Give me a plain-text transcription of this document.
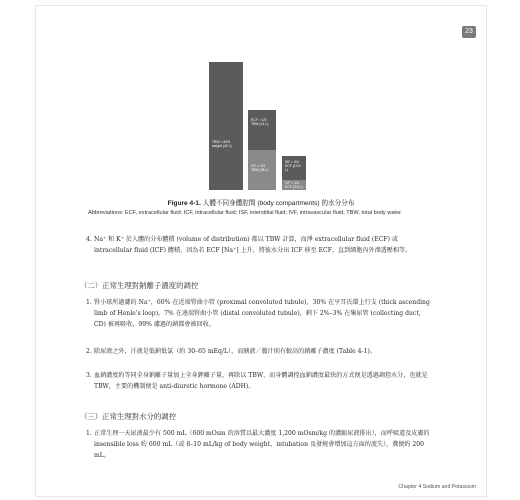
23
TBW = 60% weight (42 L)
ECF = 1/3 TBW (14 L)
ICF = 2/3 TBW (28 L)
ISF = 3/4 ECF (10.5 L)
IVF = 1/4 ECF (3.5 L)
Figure 4-1. 人體不同身體腔間 (body compartments) 的水分分布
Abbreviations: ECF, extracellular fluid; ICF, intracellular fluid; ISF, interstitial fluid; IVF, intravascular fluid; TBW, total body water.
4. Na⁺ 和 K⁺ 於人體的分布體積 (volume of distribution) 都以 TBW 計算，而淨 extracellular fluid (ECF) 或 intracellular fluid (ICF) 體積，因為若 ECF [Na⁺] 上升，將彼水分出 ICF 移至 ECF，直到細胞內外滲透壓相等。
（二）正常生理對鈉離子濃度的調控
1. 腎小球所過濾的 Na⁺，60% 在近端腎曲小管 (proximal convoluted tubule)，30% 在亨耳氏環上行支 (thick ascending limb of Henle's loop)，7% 在遠端腎曲小管 (distal convoluted tubule)，剩下 2%–3% 在集尿管 (collecting duct, CD) 被再吸收，99% 濾過的鈉都會被回收。
2. 除尿液之外，汗液是低鈉低氯（約 30–65 mEq/L），而胰液／膽汁則有較高的鈉離子濃度 (Table 4-1)。
3. 血鈉濃度約等同全身鈉離子量加上全身鉀離子量，再除以 TBW，而身體調控血鈉濃度最快的方式便是透過調控水分，也就是 TBW，主要的機制便是 anti-diuretic hormone (ADH)。
（三）正常生理對水分的調控
1. 正常生理一天尿液最少有 500 mL（600 mOsm 的溶質以最大濃度 1,200 mOsm/kg 的濃縮尿液排出），而呼吸道及皮膚的 insensible loss 約 600 mL（或 8–10 mL/kg of body weight，intubation 及發燒會增加這方面的流失），糞便約 200 mL。
Chapter 4 Sodium and Potassium
